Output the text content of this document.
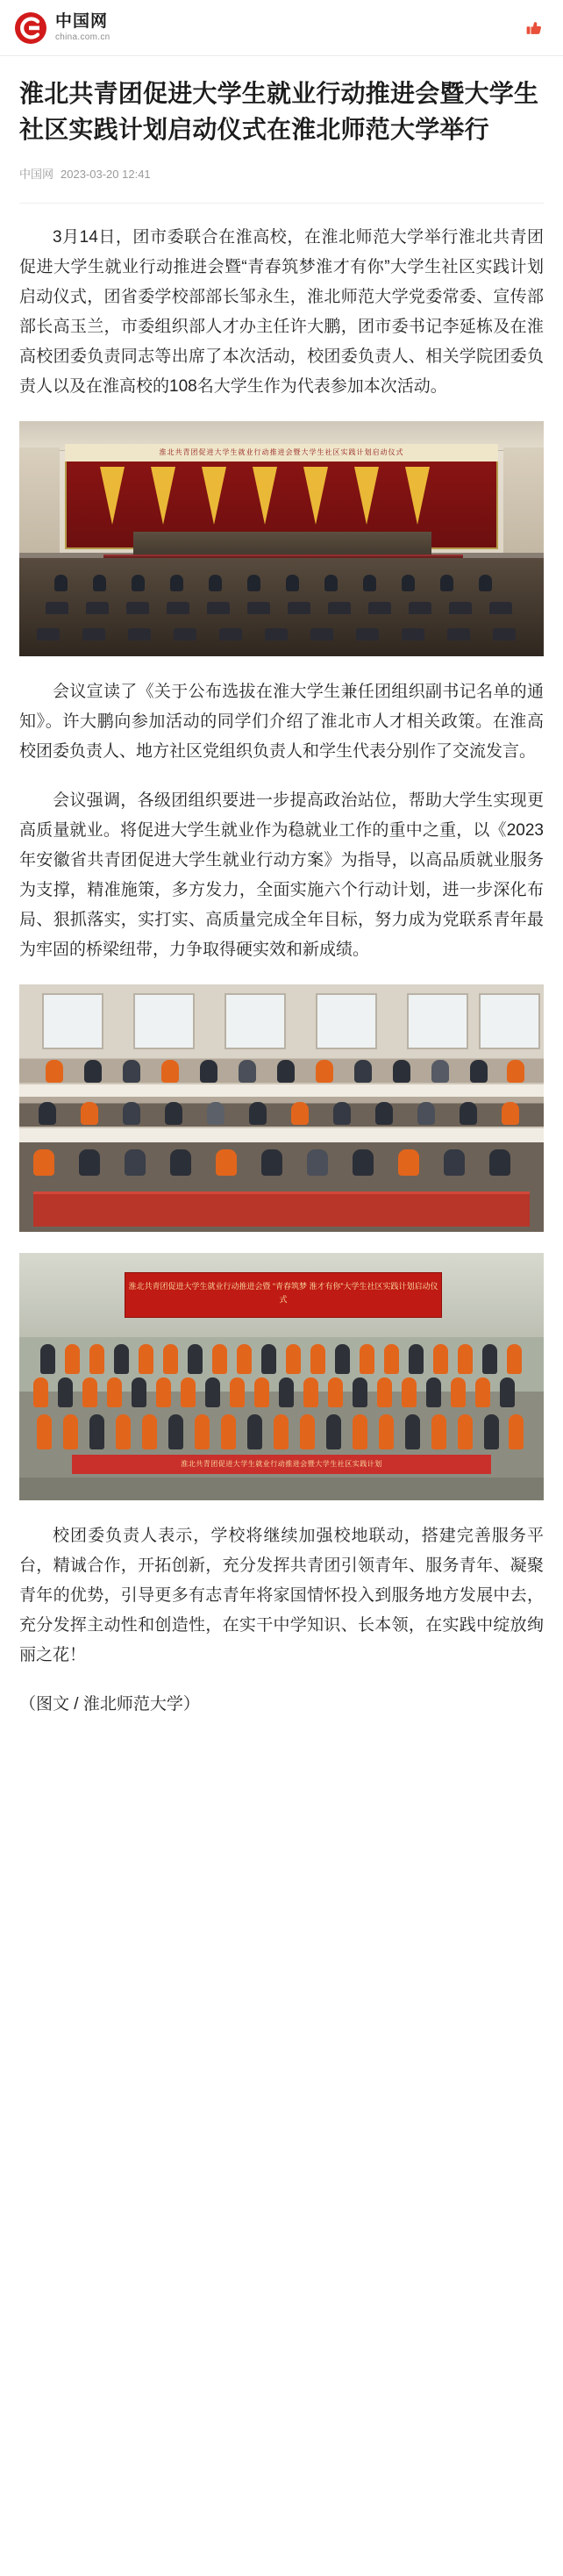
中国网
china.com.cn
淮北共青团促进大学生就业行动推进会暨大学生社区实践计划启动仪式在淮北师范大学举行
中国网 2023-03-20 12:41

3月14日，团市委联合在淮高校，在淮北师范大学举行淮北共青团促进大学生就业行动推进会暨“青春筑梦淮才有你”大学生社区实践计划启动仪式，团省委学校部部长邹永生，淮北师范大学党委常委、宣传部部长高玉兰，市委组织部人才办主任许大鹏，团市委书记李延栋及在淮高校团委负责同志等出席了本次活动，校团委负责人、相关学院团委负责人以及在淮高校的108名大学生作为代表参加本次活动。

淮北共青团促进大学生就业行动推进会暨大学生社区实践计划启动仪式

会议宣读了《关于公布选拔在淮大学生兼任团组织副书记名单的通知》。许大鹏向参加活动的同学们介绍了淮北市人才相关政策。在淮高校团委负责人、地方社区党组织负责人和学生代表分别作了交流发言。

会议强调，各级团组织要进一步提高政治站位，帮助大学生实现更高质量就业。将促进大学生就业作为稳就业工作的重中之重，以《2023年安徽省共青团促进大学生就业行动方案》为指导，以高品质就业服务为支撑，精准施策，多方发力，全面实施六个行动计划，进一步深化布局、狠抓落实，实打实、高质量完成全年目标，努力成为党联系青年最为牢固的桥梁纽带，力争取得硬实效和新成绩。

淮北共青团促进大学生就业行动推进会暨 “青春筑梦 淮才有你”大学生社区实践计划启动仪式
淮北共青团促进大学生就业行动推进会暨大学生社区实践计划

校团委负责人表示，学校将继续加强校地联动，搭建完善服务平台，精诚合作，开拓创新，充分发挥共青团引领青年、服务青年、凝聚青年的优势，引导更多有志青年将家国情怀投入到服务地方发展中去，充分发挥主动性和创造性，在实干中学知识、长本领，在实践中绽放绚丽之花！

（图文 / 淮北师范大学）
